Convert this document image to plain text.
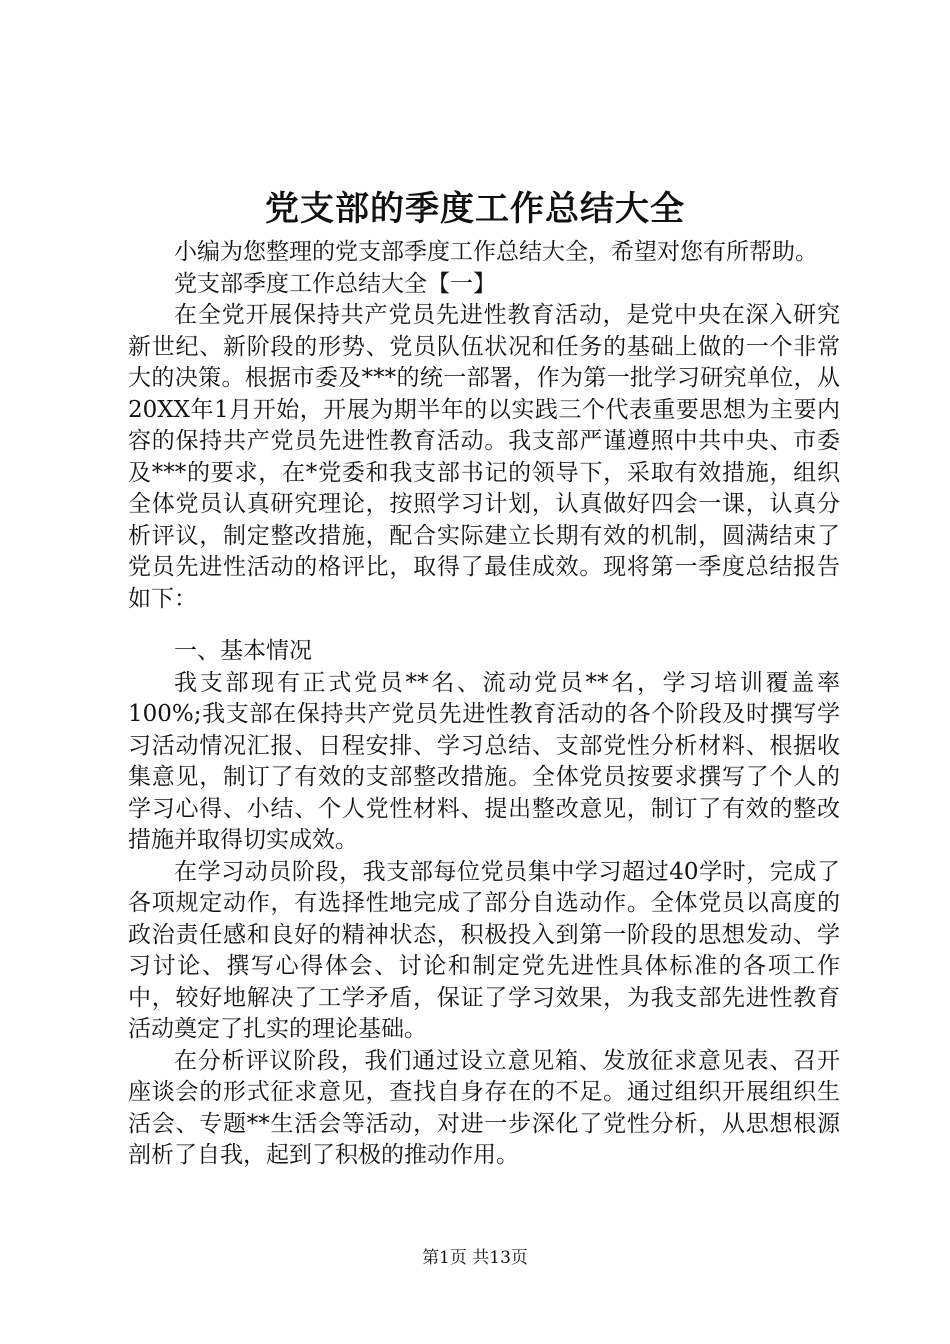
党支部的季度工作总结大全

小编为您整理的党支部季度工作总结大全，希望对您有所帮助。

党支部季度工作总结大全【一】

在全党开展保持共产党员先进性教育活动，是党中央在深入研究新世纪、新阶段的形势、党员队伍状况和任务的基础上做的一个非常大的决策。根据市委及***的统一部署，作为第一批学习研究单位，从20XX年1月开始，开展为期半年的以实践三个代表重要思想为主要内容的保持共产党员先进性教育活动。我支部严谨遵照中共中央、市委及***的要求，在*党委和我支部书记的领导下，采取有效措施，组织全体党员认真研究理论，按照学习计划，认真做好四会一课，认真分析评议，制定整改措施，配合实际建立长期有效的机制，圆满结束了党员先进性活动的格评比，取得了最佳成效。现将第一季度总结报告如下：

一、基本情况

我支部现有正式党员**名、流动党员**名，学习培训覆盖率100%;我支部在保持共产党员先进性教育活动的各个阶段及时撰写学习活动情况汇报、日程安排、学习总结、支部党性分析材料、根据收集意见，制订了有效的支部整改措施。全体党员按要求撰写了个人的学习心得、小结、个人党性材料、提出整改意见，制订了有效的整改措施并取得切实成效。

在学习动员阶段，我支部每位党员集中学习超过40学时，完成了各项规定动作，有选择性地完成了部分自选动作。全体党员以高度的政治责任感和良好的精神状态，积极投入到第一阶段的思想发动、学习讨论、撰写心得体会、讨论和制定党先进性具体标准的各项工作中，较好地解决了工学矛盾，保证了学习效果，为我支部先进性教育活动奠定了扎实的理论基础。

在分析评议阶段，我们通过设立意见箱、发放征求意见表、召开座谈会的形式征求意见，查找自身存在的不足。通过组织开展组织生活会、专题**生活会等活动，对进一步深化了党性分析，从思想根源剖析了自我，起到了积极的推动作用。

第1页 共13页
